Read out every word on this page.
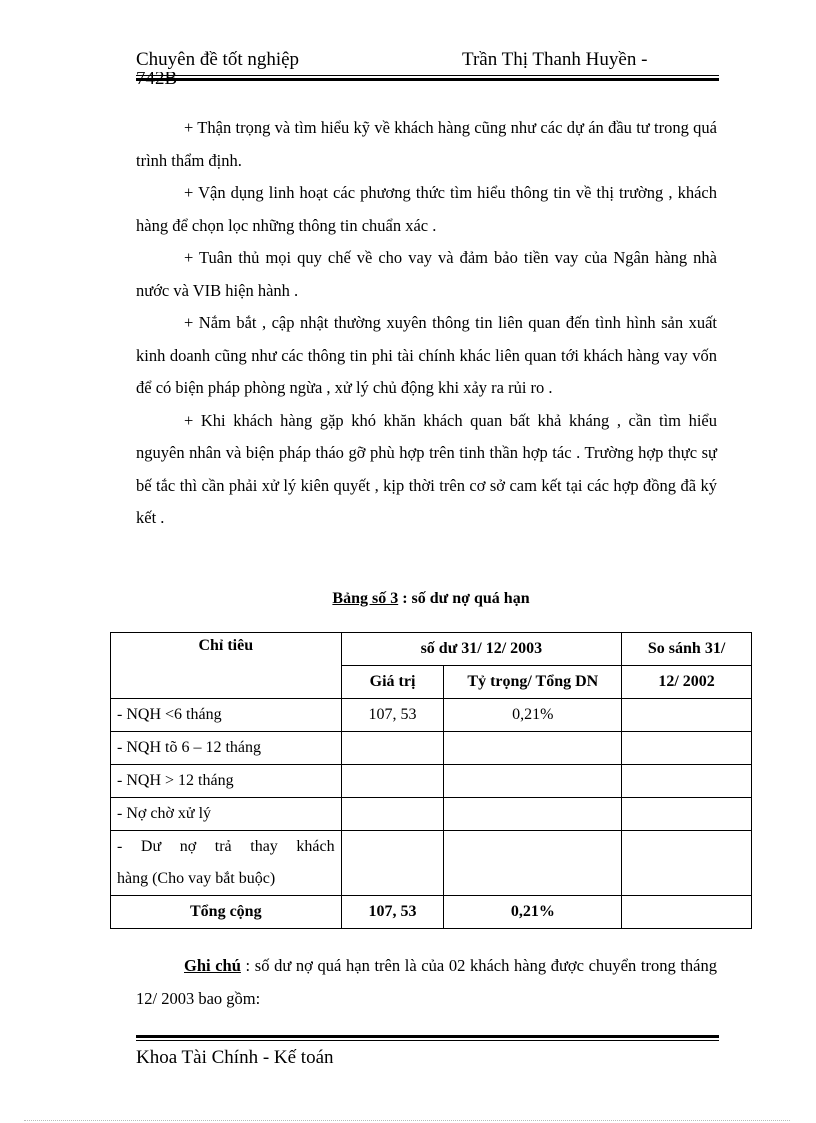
Chuyên đề tốt nghiệp	Trần Thị Thanh Huyền -
742B

+ Thận trọng và tìm hiểu kỹ về khách hàng cũng như các dự án đầu tư trong quá trình thẩm định.

+ Vận dụng linh hoạt các phương thức tìm hiểu thông tin về thị trường , khách hàng để chọn lọc những thông tin chuẩn xác .

+ Tuân thủ mọi quy chế về cho vay và đảm bảo tiền vay của Ngân hàng nhà nước và VIB hiện hành .

+ Nắm bắt , cập nhật thường xuyên thông tin liên quan đến tình hình sản xuất kinh doanh cũng như các thông tin phi tài chính khác liên quan tới khách hàng vay vốn để có biện pháp phòng ngừa , xử lý chủ động khi xảy ra rủi ro .

+ Khi khách hàng gặp khó khăn khách quan bất khả kháng , cần tìm hiểu nguyên nhân và biện pháp tháo gỡ phù hợp trên tinh thần hợp tác . Trường hợp thực sự bế tắc thì cần phải xử lý kiên quyết , kịp thời trên cơ sở cam kết tại các hợp đồng đã ký kết .

Bảng số 3 : số dư nợ quá hạn
Chỉ tiêu	số dư 31/ 12/ 2003		So sánh 31/
	Giá trị	Tỷ trọng/ Tổng DN	12/ 2002
- NQH <6 tháng	107, 53	0,21%	
- NQH tõ 6 – 12 tháng			
- NQH > 12 tháng			
- Nợ chờ xử lý			

- Dư nợ trả thay khách
hàng (Cho vay bắt buộc)			

Tổng cộng	107, 53	0,21%	

Ghi chú : số dư nợ quá hạn trên là của 02 khách hàng được chuyển trong tháng 12/ 2003 bao gồm:

Khoa Tài Chính - Kế toán
